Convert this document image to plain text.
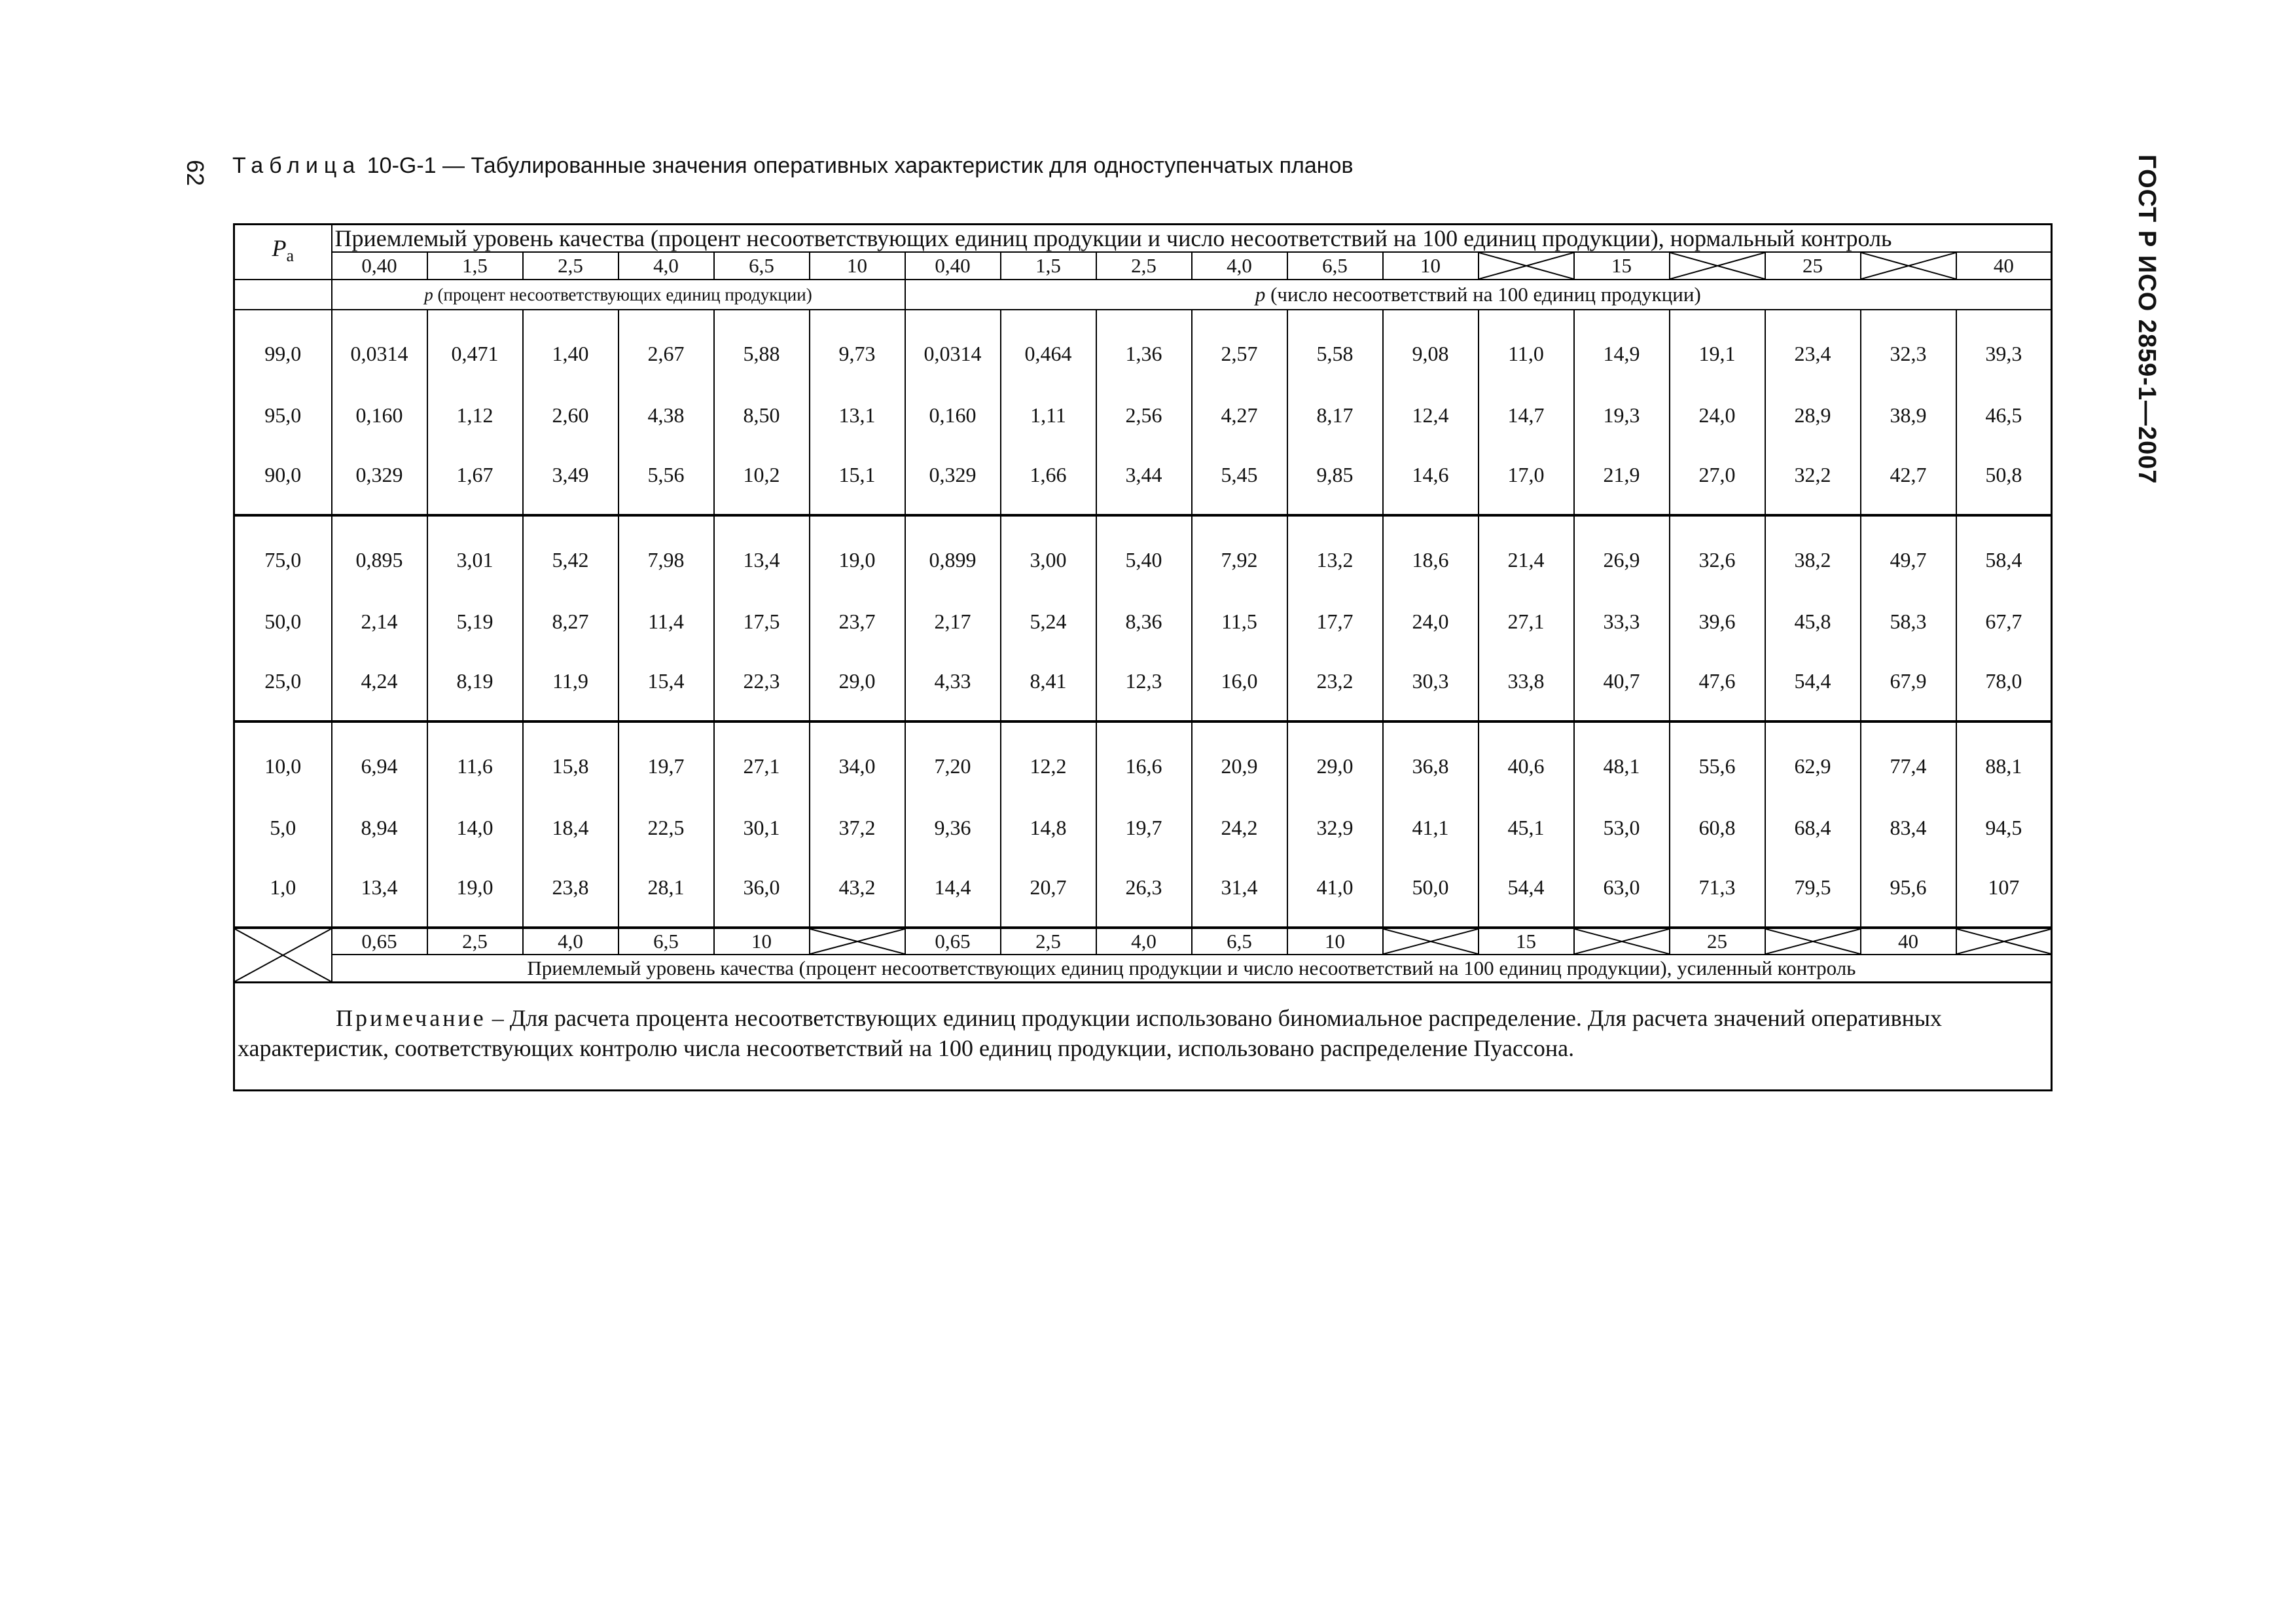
62 Таблица 10-G-1 — Табулированные значения оперативных характеристик для одноступенчатых планов	ГОСТ Р ИСО 2859-1—2007
$P_a$	Приемлемый уровень качества (процент несоответствующих единиц продукции и число несоответствий на 100 единиц продукции), нормальный контроль																	
	0,40	1,5	2,5	4,0	6,5	10	0,40	1,5	2,5	4,0	6,5	10		15		25		40
	p (процент несоответствующих единиц продукции)						p (число несоответствий на 100 единиц продукции)											
99,0	0,0314	0,471	1,40	2,67	5,88	9,73	0,0314	0,464	1,36	2,57	5,58	9,08	11,0	14,9	19,1	23,4	32,3	39,3
95,0	0,160	1,12	2,60	4,38	8,50	13,1	0,160	1,11	2,56	4,27	8,17	12,4	14,7	19,3	24,0	28,9	38,9	46,5
90,0	0,329	1,67	3,49	5,56	10,2	15,1	0,329	1,66	3,44	5,45	9,85	14,6	17,0	21,9	27,0	32,2	42,7	50,8
75,0	0,895	3,01	5,42	7,98	13,4	19,0	0,899	3,00	5,40	7,92	13,2	18,6	21,4	26,9	32,6	38,2	49,7	58,4
50,0	2,14	5,19	8,27	11,4	17,5	23,7	2,17	5,24	8,36	11,5	17,7	24,0	27,1	33,3	39,6	45,8	58,3	67,7
25,0	4,24	8,19	11,9	15,4	22,3	29,0	4,33	8,41	12,3	16,0	23,2	30,3	33,8	40,7	47,6	54,4	67,9	78,0
10,0	6,94	11,6	15,8	19,7	27,1	34,0	7,20	12,2	16,6	20,9	29,0	36,8	40,6	48,1	55,6	62,9	77,4	88,1
5,0	8,94	14,0	18,4	22,5	30,1	37,2	9,36	14,8	19,7	24,2	32,9	41,1	45,1	53,0	60,8	68,4	83,4	94,5
1,0	13,4	19,0	23,8	28,1	36,0	43,2	14,4	20,7	26,3	31,4	41,0	50,0	54,4	63,0	71,3	79,5	95,6	107

	0,65	2,5	4,0	6,5	10		0,65	2,5	4,0	6,5	10		15		25		40	

	Приемлемый уровень качества (процент несоответствующих единиц продукции и число несоответствий на 100 единиц продукции), усиленный контроль																	
Примечание – Для расчета процента несоответствующих единиц продукции использовано биномиальное распределение. Для расчета значений оперативных характеристик, соответствующих контролю числа несоответствий на 100 единиц продукции, использовано распределение Пуассона.																		
